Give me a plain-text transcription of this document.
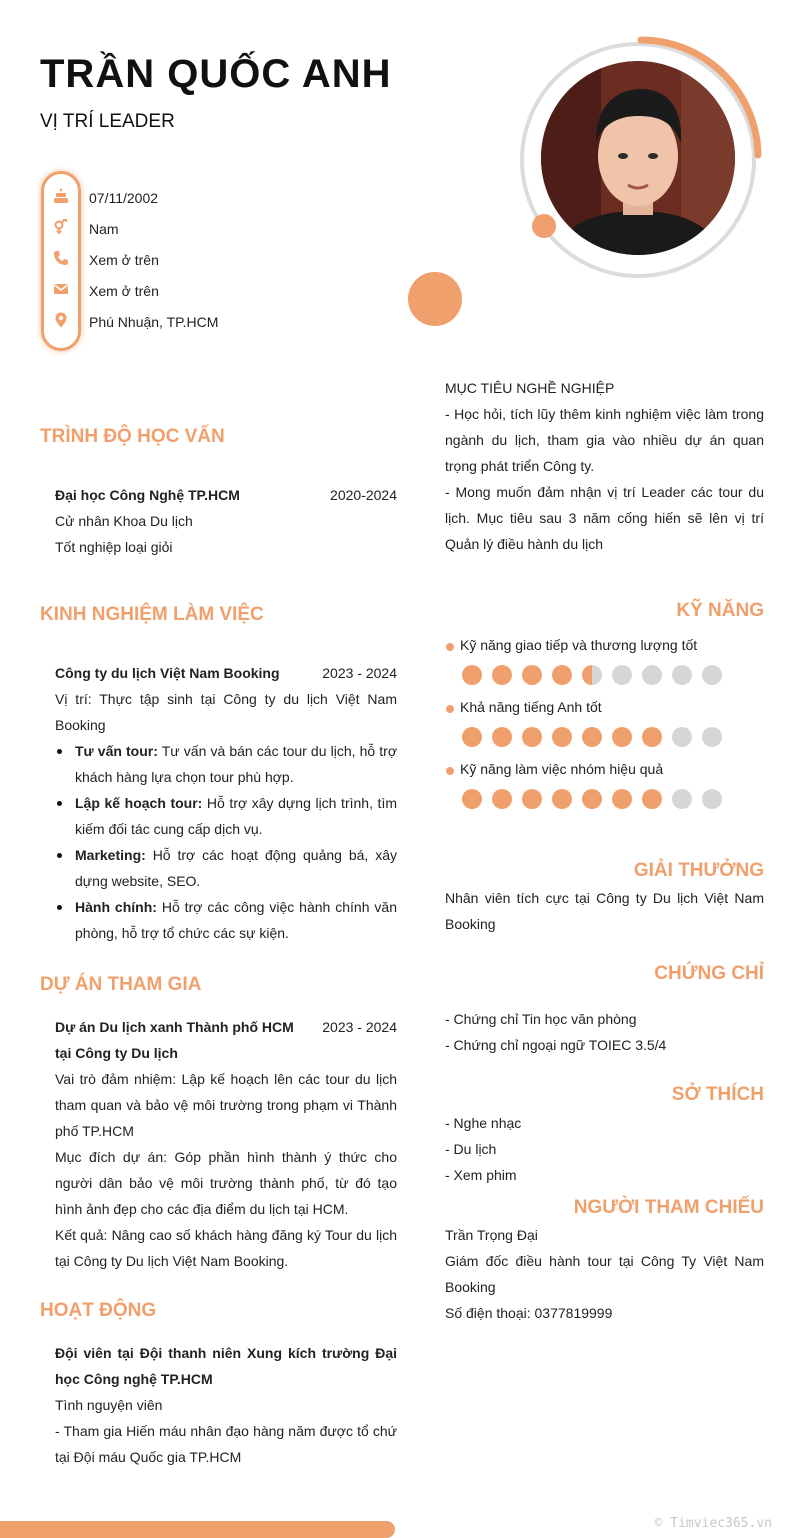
TRẦN QUỐC ANH
VỊ TRÍ LEADER
07/11/2002
Nam
Xem ở trên
Xem ở trên
Phú Nhuận, TP.HCM
MỤC TIÊU NGHỀ NGHIỆP
- Học hỏi, tích lũy thêm kinh nghiệm việc làm trong ngành du lịch, tham gia vào nhiều dự án quan trọng phát triển Công ty.
- Mong muốn đảm nhận vị trí Leader các tour du lịch. Mục tiêu sau 3 năm cống hiến sẽ lên vị trí Quản lý điều hành du lịch
TRÌNH ĐỘ HỌC VẤN
Đại học Công Nghệ TP.HCM	2020-2024
Cử nhân Khoa Du lịch
Tốt nghiệp loại giỏi
KINH NGHIỆM LÀM VIỆC
Công ty du lịch Việt Nam Booking	2023 - 2024
Vị trí: Thực tập sinh tại Công ty du lịch Việt Nam Booking
Tư vấn tour: Tư vấn và bán các tour du lịch, hỗ trợ khách hàng lựa chọn tour phù hợp.
Lập kế hoạch tour: Hỗ trợ xây dựng lịch trình, tìm kiếm đối tác cung cấp dịch vụ.
Marketing: Hỗ trợ các hoạt động quảng bá, xây dựng website, SEO.
Hành chính: Hỗ trợ các công việc hành chính văn phòng, hỗ trợ tổ chức các sự kiện.
DỰ ÁN THAM GIA
Dự án Du lịch xanh Thành phố HCM tại Công ty Du lịch
2023 - 2024
Vai trò đảm nhiệm: Lập kế hoạch lên các tour du lịch tham quan và bảo vệ môi trường trong phạm vi Thành phố TP.HCM
Mục đích dự án: Góp phần hình thành ý thức cho người dân bảo vệ môi trường thành phố, từ đó tạo hình ảnh đẹp cho các địa điểm du lịch tại HCM.
Kết quả: Nâng cao số khách hàng đăng ký Tour du lịch tại Công ty Du lịch Việt Nam Booking.
HOẠT ĐỘNG
Đội viên tại Đội thanh niên Xung kích trường Đại học Công nghệ TP.HCM
Tình nguyện viên
- Tham gia Hiến máu nhân đạo hàng năm được tổ chứ tại Đội máu Quốc gia TP.HCM
KỸ NĂNG
Kỹ năng giao tiếp và thương lượng tốt
Khả năng tiếng Anh tốt
Kỹ năng làm việc nhóm hiệu quả
GIẢI THƯỞNG
Nhân viên tích cực tại Công ty Du lịch Việt Nam Booking
CHỨNG CHỈ
- Chứng chỉ Tin học văn phòng
- Chứng chỉ ngoại ngữ TOIEC 3.5/4
SỞ THÍCH
- Nghe nhạc
- Du lịch
- Xem phim
NGƯỜI THAM CHIẾU
Trần Trọng Đại
Giám đốc điều hành tour tại Công Ty Việt Nam Booking
Số điện thoại: 0377819999
© Timviec365.vn
